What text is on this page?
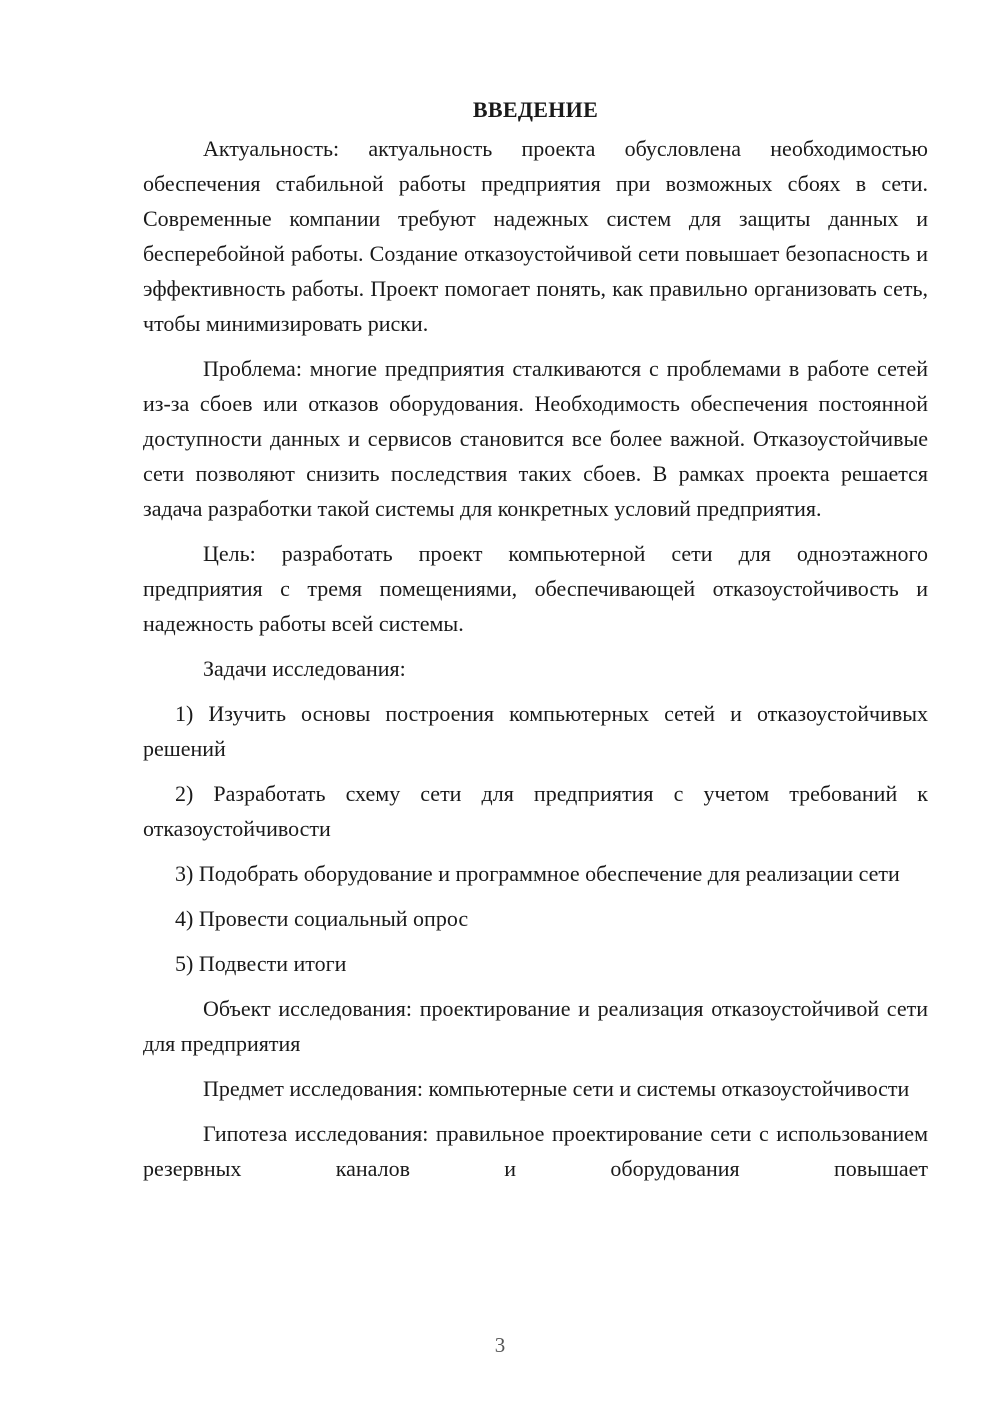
ВВЕДЕНИЕ

Актуальность: актуальность проекта обусловлена необходимостью обеспечения стабильной работы предприятия при возможных сбоях в сети. Современные компании требуют надежных систем для защиты данных и бесперебойной работы. Создание отказоустойчивой сети повышает безопасность и эффективность работы. Проект помогает понять, как правильно организовать сеть, чтобы минимизировать риски.

Проблема: многие предприятия сталкиваются с проблемами в работе сетей из-за сбоев или отказов оборудования. Необходимость обеспечения постоянной доступности данных и сервисов становится все более важной. Отказоустойчивые сети позволяют снизить последствия таких сбоев. В рамках проекта решается задача разработки такой системы для конкретных условий предприятия.

Цель: разработать проект компьютерной сети для одноэтажного предприятия с тремя помещениями, обеспечивающей отказоустойчивость и надежность работы всей системы.

Задачи исследования:

1) Изучить основы построения компьютерных сетей и отказоустойчивых решений

2) Разработать схему сети для предприятия с учетом требований к отказоустойчивости

3) Подобрать оборудование и программное обеспечение для реализации сети

4) Провести социальный опрос

5) Подвести итоги

Объект исследования: проектирование и реализация отказоустойчивой сети для предприятия

Предмет исследования: компьютерные сети и системы отказоустойчивости

Гипотеза исследования: правильное проектирование сети с использованием резервных каналов и оборудования повышает

3
